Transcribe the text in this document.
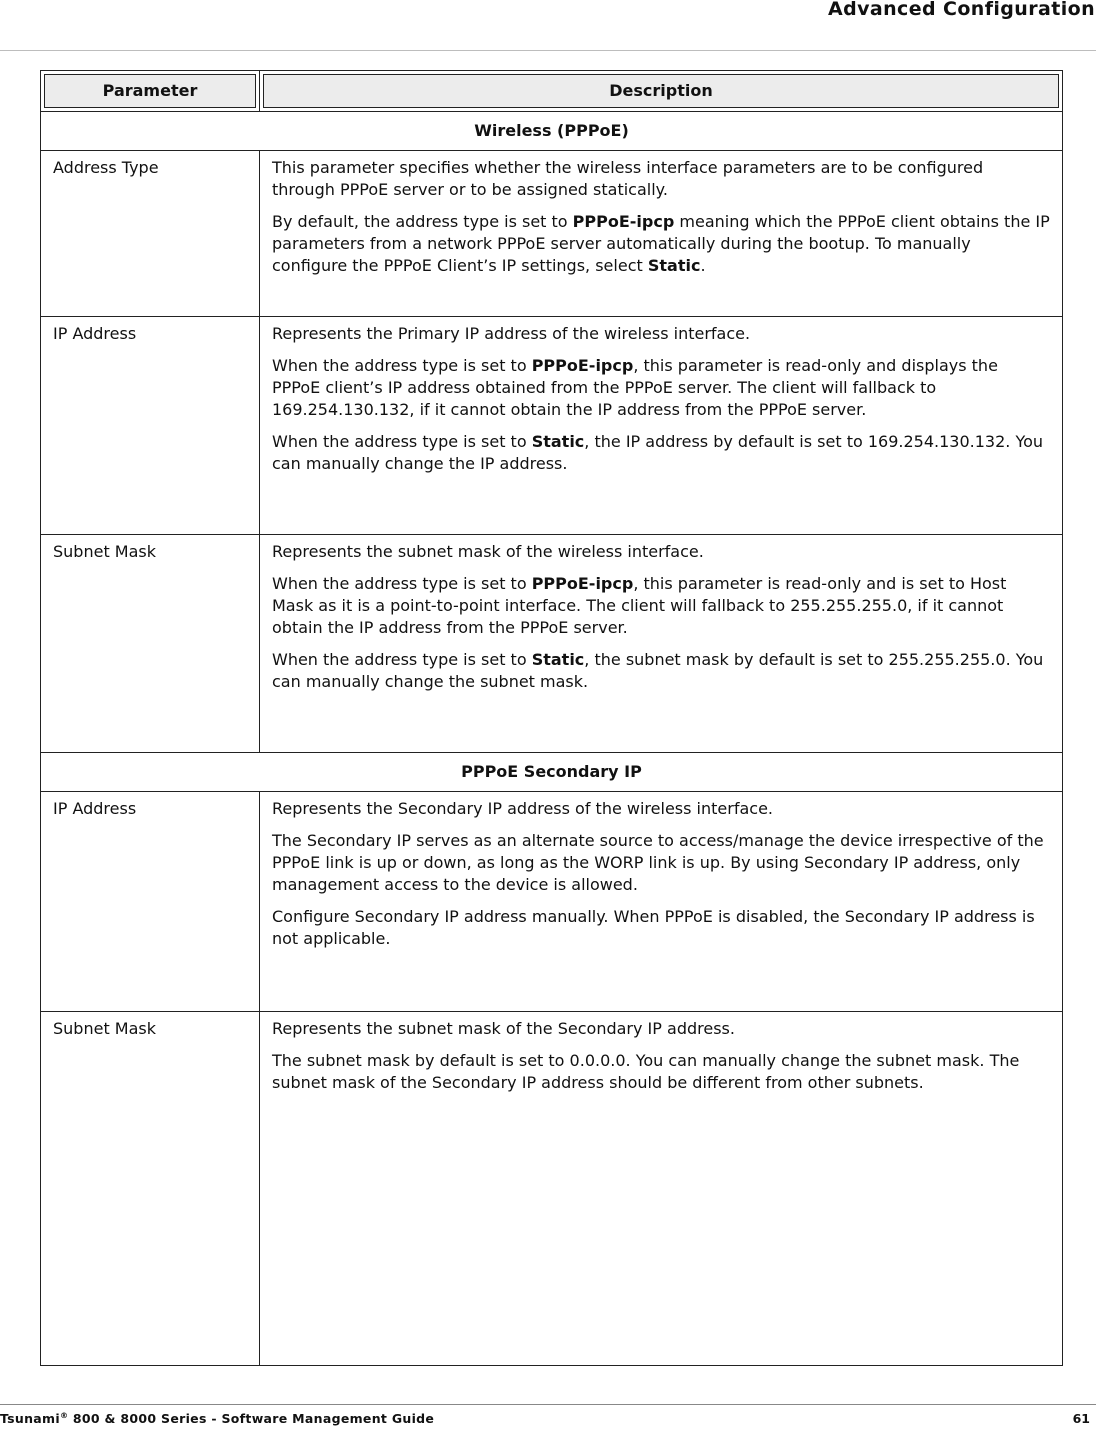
Advanced Configuration
Parameter	Description
Wireless (PPPoE)	
Address Type	This parameter specifies whether the wireless interface parameters are to be configured through PPPoE server or to be assigned statically.

By default, the address type is set to PPPoE-ipcp meaning which the PPPoE client obtains the IP parameters from a network PPPoE server automatically during the bootup. To manually configure the PPPoE Client’s IP settings, select Static.

IP Address	Represents the Primary IP address of the wireless interface.

When the address type is set to PPPoE-ipcp, this parameter is read-only and displays the PPPoE client’s IP address obtained from the PPPoE server. The client will fallback to 169.254.130.132, if it cannot obtain the IP address from the PPPoE server.

When the address type is set to Static, the IP address by default is set to 169.254.130.132. You can manually change the IP address.

Subnet Mask	Represents the subnet mask of the wireless interface.

When the address type is set to PPPoE-ipcp, this parameter is read-only and is set to Host Mask as it is a point-to-point interface. The client will fallback to 255.255.255.0, if it cannot obtain the IP address from the PPPoE server.

When the address type is set to Static, the subnet mask by default is set to 255.255.255.0. You can manually change the subnet mask.

PPPoE Secondary IP	
IP Address	Represents the Secondary IP address of the wireless interface.

The Secondary IP serves as an alternate source to access/manage the device irrespective of the PPPoE link is up or down, as long as the WORP link is up. By using Secondary IP address, only management access to the device is allowed.

Configure Secondary IP address manually. When PPPoE is disabled, the Secondary IP address is not applicable.

Subnet Mask	Represents the subnet mask of the Secondary IP address.

The subnet mask by default is set to 0.0.0.0. You can manually change the subnet mask. The subnet mask of the Secondary IP address should be different from other subnets.

Tsunami® 800 & 8000 Series - Software Management Guide	61
